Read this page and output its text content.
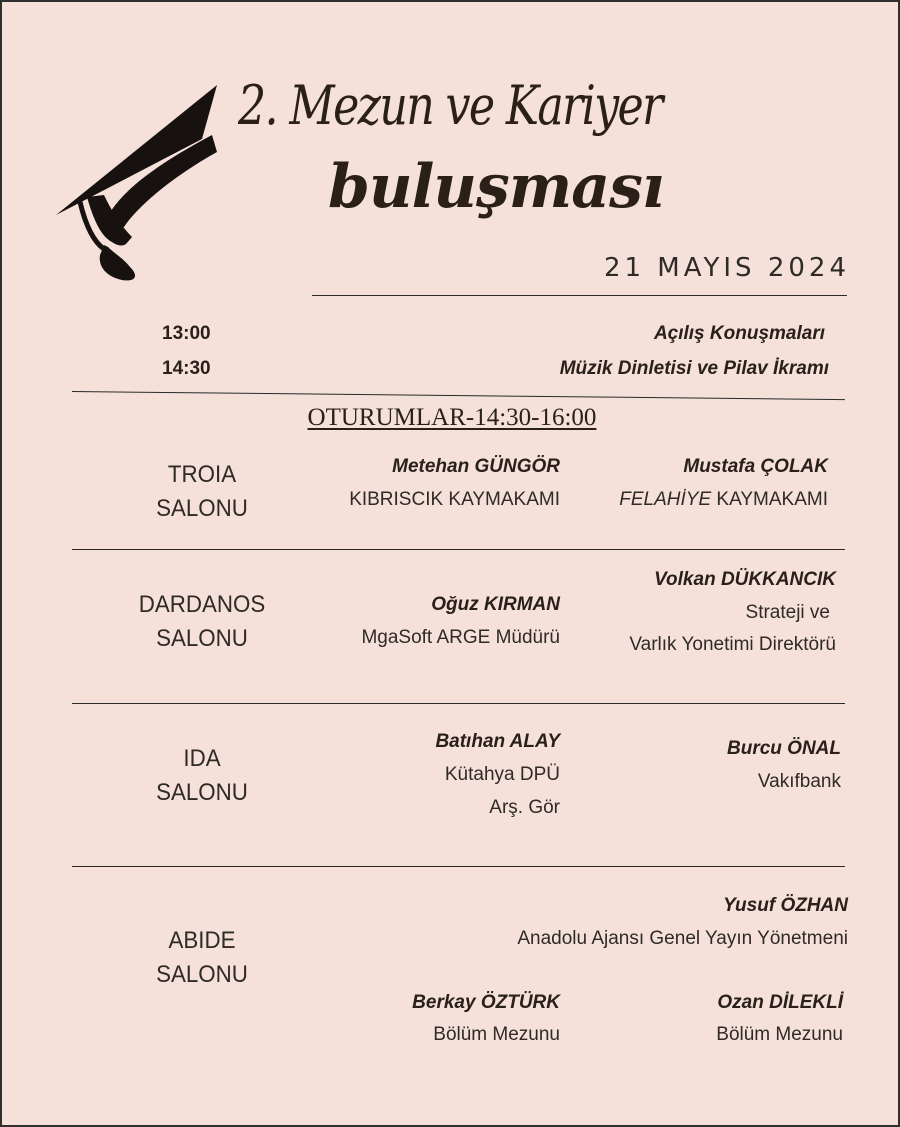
2. Mezun ve Kariyer
buluşması
21 MAYIS 2024
13:00	Açılış Konuşmaları
14:30	Müzik Dinletisi ve Pilav İkramı
OTURUMLAR-14:30-16:00
TROIA
SALONU
Metehan GÜNGÖR
KIBRISCIK KAYMAKAMI
Mustafa ÇOLAK
FELAHİYE KAYMAKAMI
DARDANOS
SALONU
Oğuz KIRMAN
MgaSoft ARGE Müdürü
Volkan DÜKKANCIK
Strateji ve
Varlık Yonetimi Direktörü
IDA
SALONU
Batıhan ALAY
Kütahya DPÜ
Arş. Gör
Burcu ÖNAL
Vakıfbank
ABIDE
SALONU
Yusuf ÖZHAN
Anadolu Ajansı Genel Yayın Yönetmeni
Berkay ÖZTÜRK
Bölüm Mezunu
Ozan DİLEKLİ
Bölüm Mezunu
